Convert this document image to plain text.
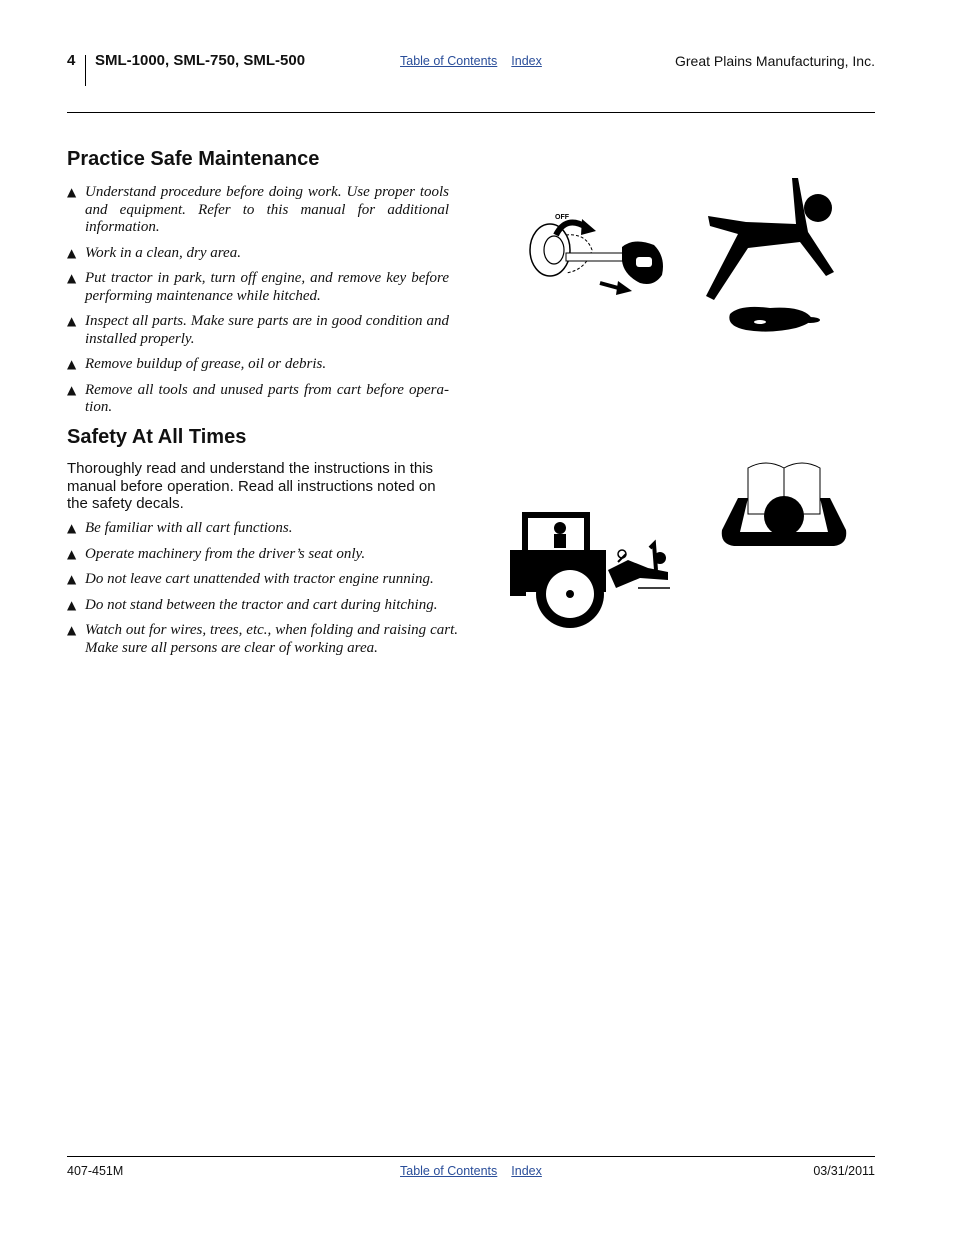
4 SML-1000, SML-750, SML-500	Table of Contents Index	Great Plains Manufacturing, Inc.
Practice Safe Maintenance
▲ Understand procedure before doing work. Use proper tools and equipment. Refer to this manual for additional information.
▲ Work in a clean, dry area.
▲ Put tractor in park, turn off engine, and remove key before performing maintenance while hitched.
▲ Inspect all parts. Make sure parts are in good condition and installed properly.
▲ Remove buildup of grease, oil or debris.
▲ Remove all tools and unused parts from cart before opera-tion.
Safety At All Times
Thoroughly read and understand the instructions in this manual before operation. Read all instructions noted on the safety decals.
▲ Be familiar with all cart functions.
▲ Operate machinery from the driver’s seat only.
▲ Do not leave cart unattended with tractor engine running.
▲ Do not stand between the tractor and cart during hitching.
▲ Watch out for wires, trees, etc., when folding and raising cart. Make sure all persons are clear of working area.
OFF
407-451M	Table of Contents Index	03/31/2011
